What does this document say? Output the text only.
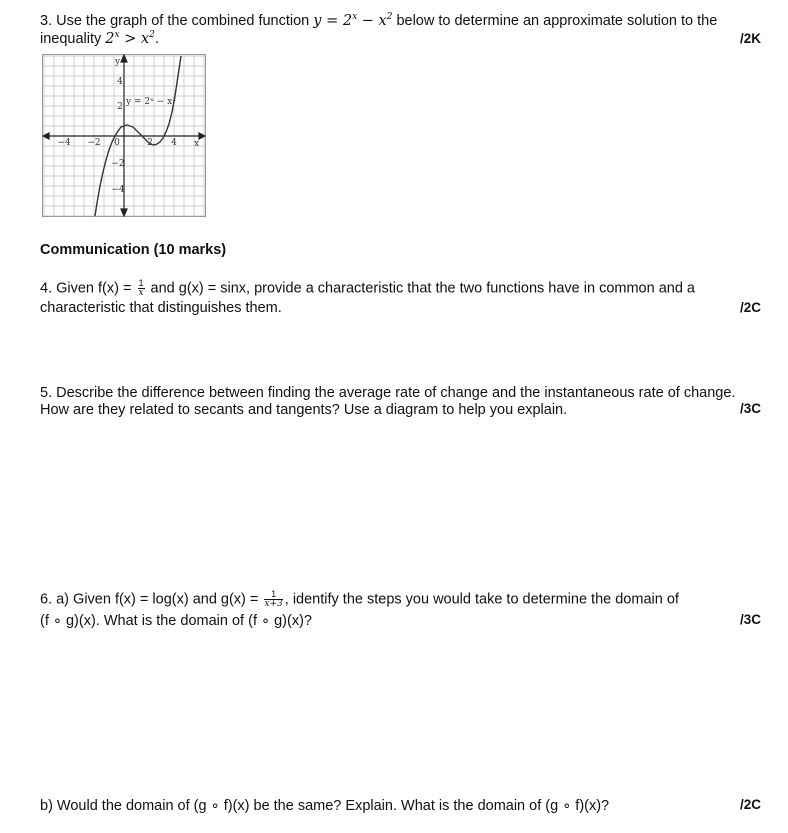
3. Use the graph of the combined function $y = 2^x - x^2$ below to determine an approximate solution to the
inequality $2^x > x^2$.	/2K
y
x
y = 2ˣ − x²
−4 −2 0	2 4
4
2
−2
−4
Communication (10 marks)
4. Given $f(x) = \frac{1}{x}$ and g(x) = sinx, provide a characteristic that the two functions have in common and a
characteristic that distinguishes them.	/2C
5. Describe the difference between finding the average rate of change and the instantaneous rate of change.
How are they related to secants and tangents? Use a diagram to help you explain.	/3C
6. a) Given f(x) = log(x) and $g(x) = \frac{1}{x+3}$ , identify the steps you would take to determine the domain of
(f ∘ g)(x). What is the domain of (f ∘ g)(x)?	/3C
b) Would the domain of (g ∘ f)(x) be the same? Explain. What is the domain of (g ∘ f)(x)?	/2C
